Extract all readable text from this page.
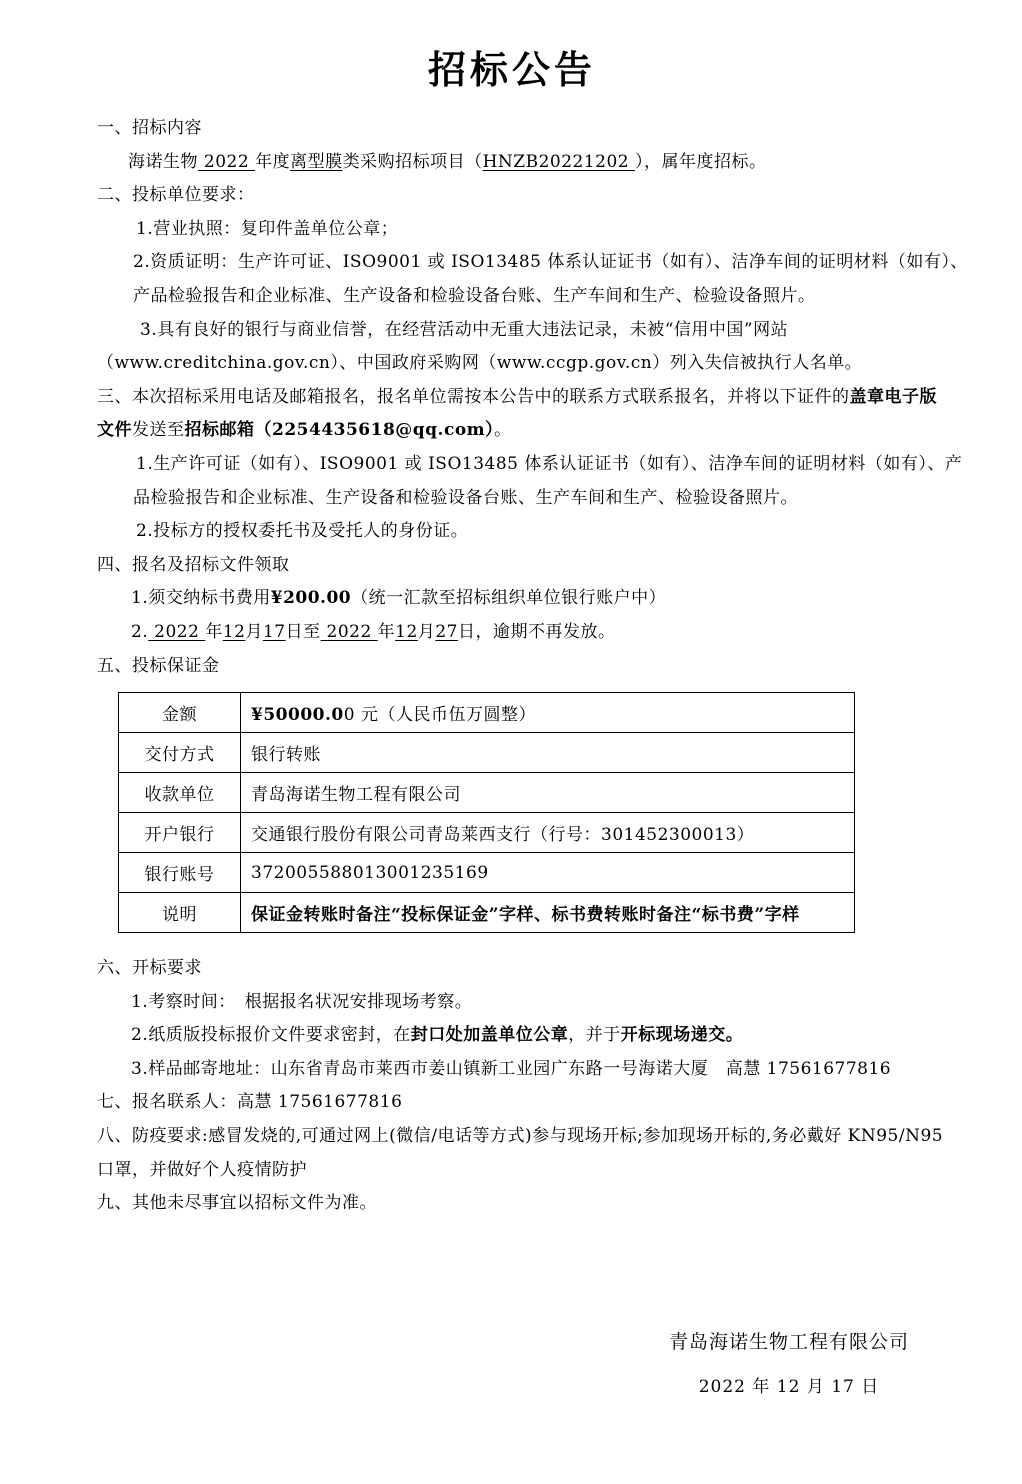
招标公告
一、招标内容
海诺生物 2022 年度离型膜类采购招标项目（HNZB20221202 ），属年度招标。
二、投标单位要求：
1.营业执照：复印件盖单位公章；
2.资质证明：生产许可证、ISO9001 或 ISO13485 体系认证证书（如有）、洁净车间的证明材料（如有）、
产品检验报告和企业标准、生产设备和检验设备台账、生产车间和生产、检验设备照片。
3.具有良好的银行与商业信誉，在经营活动中无重大违法记录，未被“信用中国”网站
（www.creditchina.gov.cn）、中国政府采购网（www.ccgp.gov.cn）列入失信被执行人名单。
三、本次招标采用电话及邮箱报名，报名单位需按本公告中的联系方式联系报名，并将以下证件的盖章电子版
文件发送至招标邮箱（2254435618@qq.com）。
1.生产许可证（如有）、ISO9001 或 ISO13485 体系认证证书（如有）、洁净车间的证明材料（如有）、产
品检验报告和企业标准、生产设备和检验设备台账、生产车间和生产、检验设备照片。
2.投标方的授权委托书及受托人的身份证。
四、报名及招标文件领取
1.须交纳标书费用¥200.00（统一汇款至招标组织单位银行账户中）
2. 2022 年12月17日至 2022 年12月27日，逾期不再发放。
五、投标保证金
金额	¥50000.00 元（人民币伍万圆整）
交付方式	银行转账
收款单位	青岛海诺生物工程有限公司
开户银行	交通银行股份有限公司青岛莱西支行（行号：301452300013）
银行账号	372005588013001235169
说明	保证金转账时备注“投标保证金”字样、标书费转账时备注“标书费”字样
六、开标要求
1.考察时间：　根据报名状况安排现场考察。
2.纸质版投标报价文件要求密封，在封口处加盖单位公章，并于开标现场递交。
3.样品邮寄地址：山东省青岛市莱西市姜山镇新工业园广东路一号海诺大厦　高慧 17561677816
七、报名联系人：高慧 17561677816
八、防疫要求:感冒发烧的,可通过网上(微信/电话等方式)参与现场开标;参加现场开标的,务必戴好 KN95/N95
口罩，并做好个人疫情防护
九、其他未尽事宜以招标文件为准。
青岛海诺生物工程有限公司
2022 年 12 月 17 日
